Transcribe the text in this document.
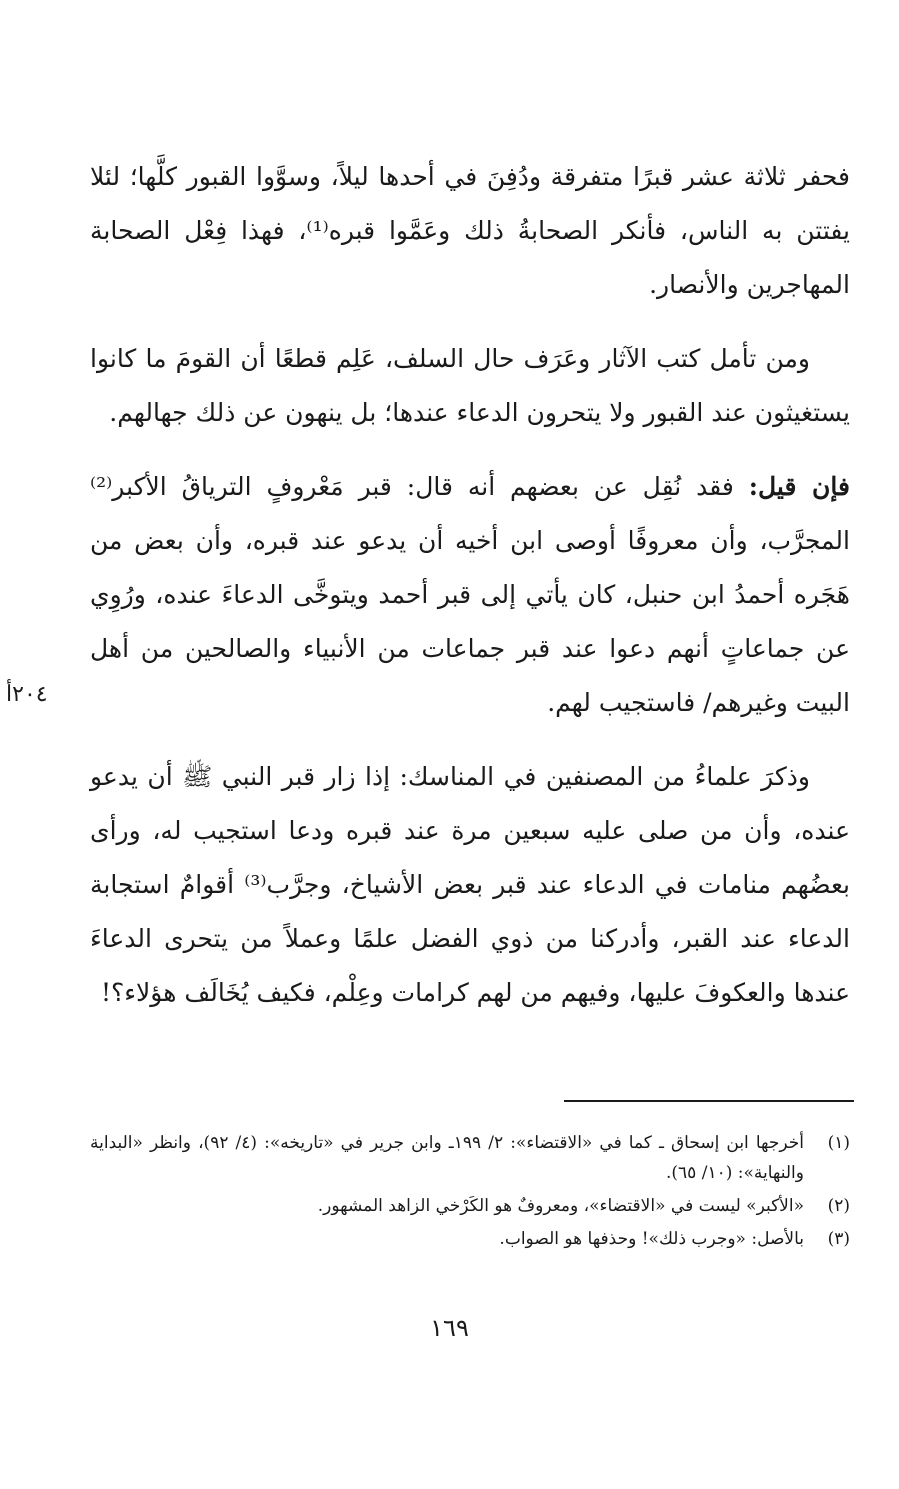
فحفر ثلاثة عشر قبرًا متفرقة ودُفِنَ في أحدها ليلاً، وسوَّوا القبور كلَّها؛ لئلا يفتتن به الناس، فأنكر الصحابةُ ذلك وعَمَّوا قبره⁽¹⁾، فهذا فِعْل الصحابة المهاجرين والأنصار.

ومن تأمل كتب الآثار وعَرَف حال السلف، عَلِم قطعًا أن القومَ ما كانوا يستغيثون عند القبور ولا يتحرون الدعاء عندها؛ بل ينهون عن ذلك جهالهم.

فإن قيل: فقد نُقِل عن بعضهم أنه قال: قبر مَعْروفٍ الترياقُ الأكبر⁽²⁾ المجرَّب، وأن معروفًا أوصى ابن أخيه أن يدعو عند قبره، وأن بعض من هَجَره أحمدُ ابن حنبل، كان يأتي إلى قبر أحمد ويتوخَّى الدعاءَ عنده، ورُوِي عن جماعاتٍ أنهم دعوا عند قبر جماعات من الأنبياء والصالحين من أهل البيت وغيرهم/ فاستجيب لهم.

وذكرَ علماءُ من المصنفين في المناسك: إذا زار قبر النبي ﷺ أن يدعو عنده، وأن من صلى عليه سبعين مرة عند قبره ودعا استجيب له، ورأى بعضُهم منامات في الدعاء عند قبر بعض الأشياخ، وجرَّب⁽³⁾ أقوامٌ استجابة الدعاء عند القبر، وأدركنا من ذوي الفضل علمًا وعملاً من يتحرى الدعاءَ عندها والعكوفَ عليها، وفيهم من لهم كرامات وعِلْم، فكيف يُخَالَف هؤلاء؟!

٢٠٤أ
(١)
أخرجها ابن إسحاق ـ كما في «الاقتضاء»: ٢/ ١٩٩ـ وابن جرير في «تاريخه»: (٤/ ٩٢)، وانظر «البداية والنهاية»: (١٠/ ٦٥).
(٢)
«الأكبر» ليست في «الاقتضاء»، ومعروفٌ هو الكَرْخي الزاهد المشهور.
(٣)
بالأصل: «وجرب ذلك»! وحذفها هو الصواب.
١٦٩
